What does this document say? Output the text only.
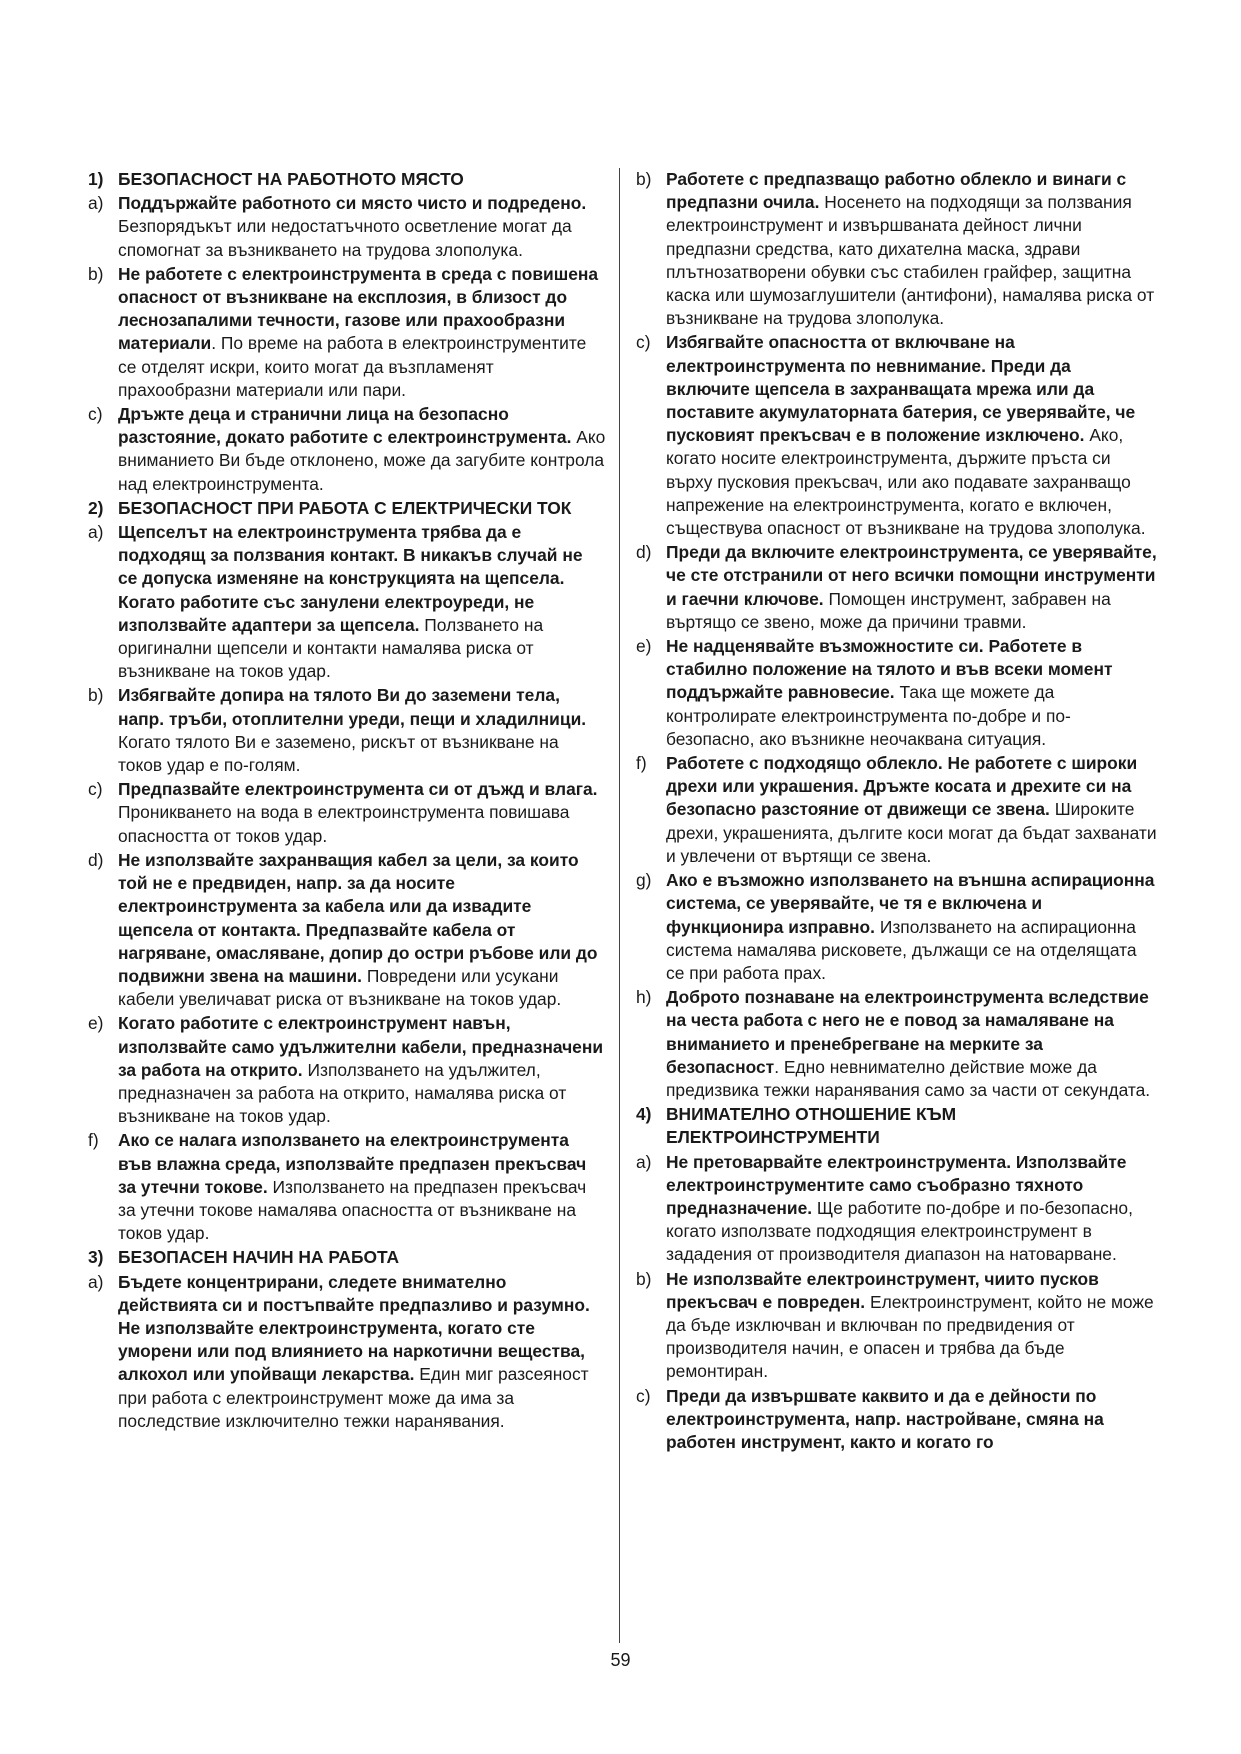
1) БЕЗОПАСНОСТ НА РАБОТНОТО МЯСТО
a) Поддържайте работното си място чисто и подредено. Безпорядъкът или недостатъчното осветление могат да спомогнат за възникването на трудова злополука.
b) Не работете с електроинструмента в среда с повишена опасност от възникване на експлозия, в близост до леснозапалими течности, газове или прахообразни материали. По време на работа в електроинструментите се отделят искри, които могат да възпламенят прахообразни материали или пари.
c) Дръжте деца и странични лица на безопасно разстояние, докато работите с електроинструмента. Ако вниманието Ви бъде отклонено, може да загубите контрола над електроинструмента.
2) БЕЗОПАСНОСТ ПРИ РАБОТА С ЕЛЕКТРИЧЕСКИ ТОК
a) Щепселът на електроинструмента трябва да е подходящ за ползвания контакт. В никакъв случай не се допуска изменяне на конструкцията на щепсела. Когато работите със занулени електроуреди, не използвайте адаптери за щепсела. Ползването на оригинални щепсели и контакти намалява риска от възникване на токов удар.
b) Избягвайте допира на тялото Ви до заземени тела, напр. тръби, отоплителни уреди, пещи и хладилници. Когато тялото Ви е заземено, рискът от възникване на токов удар е по-голям.
c) Предпазвайте електроинструмента си от дъжд и влага. Проникването на вода в електроинструмента повишава опасността от токов удар.
d) Не използвайте захранващия кабел за цели, за които той не е предвиден, напр. за да носите електроинструмента за кабела или да извадите щепсела от контакта. Предпазвайте кабела от нагряване, омасляване, допир до остри ръбове или до подвижни звена на машини. Повредени или усукани кабели увеличават риска от възникване на токов удар.
e) Когато работите с електроинструмент навън, използвайте само удължителни кабели, предназначени за работа на открито. Използването на удължител, предназначен за работа на открито, намалява риска от възникване на токов удар.
f) Ако се налага използването на електроинструмента във влажна среда, използвайте предпазен прекъсвач за утечни токове. Използването на предпазен прекъсвач за утечни токове намалява опасността от възникване на токов удар.
3) БЕЗОПАСЕН НАЧИН НА РАБОТА
a) Бъдете концентрирани, следете внимателно действията си и постъпвайте предпазливо и разумно. Не използвайте електроинструмента, когато сте уморени или под влиянието на наркотични вещества, алкохол или упойващи лекарства. Един миг разсеяност при работа с електроинструмент може да има за последствие изключително тежки наранявания.
b) Работете с предпазващо работно облекло и винаги с предпазни очила. Носенето на подходящи за ползвания електроинструмент и извършваната дейност лични предпазни средства, като дихателна маска, здрави плътнозатворени обувки със стабилен грайфер, защитна каска или шумозаглушители (антифони), намалява риска от възникване на трудова злополука.
c) Избягвайте опасността от включване на електроинструмента по невнимание. Преди да включите щепсела в захранващата мрежа или да поставите акумулаторната батерия, се уверявайте, че пусковият прекъсвач е в положение изключено. Ако, когато носите електроинструмента, държите пръста си върху пусковия прекъсвач, или ако подавате захранващо напрежение на електроинструмента, когато е включен, съществува опасност от възникване на трудова злополука.
d) Преди да включите електроинструмента, се уверявайте, че сте отстранили от него всички помощни инструменти и гаечни ключове. Помощен инструмент, забравен на въртящо се звено, може да причини травми.
e) Не надценявайте възможностите си. Работете в стабилно положение на тялото и във всеки момент поддържайте равновесие. Така ще можете да контролирате електроинструмента по-добре и по-безопасно, ако възникне неочаквана ситуация.
f) Работете с подходящо облекло. Не работете с широки дрехи или украшения. Дръжте косата и дрехите си на безопасно разстояние от движещи се звена. Широките дрехи, украшенията, дългите коси могат да бъдат захванати и увлечени от въртящи се звена.
g) Ако е възможно използването на външна аспирационна система, се уверявайте, че тя е включена и функционира изправно. Използването на аспирационна система намалява рисковете, дължащи се на отделящата се при работа прах.
h) Доброто познаване на електроинструмента вследствие на честа работа с него не е повод за намаляване на вниманието и пренебрегване на мерките за безопасност. Едно невнимателно действие може да предизвика тежки наранявания само за части от секундата.
4) ВНИМАТЕЛНО ОТНОШЕНИЕ КЪМ ЕЛЕКТРОИНСТРУМЕНТИ
a) Не претоварвайте електроинструмента. Използвайте електроинструментите само съобразно тяхното предназначение. Ще работите по-добре и по-безопасно, когато използвате подходящия електроинструмент в зададения от производителя диапазон на натоварване.
b) Не използвайте електроинструмент, чиито пусков прекъсвач е повреден. Електроинструмент, който не може да бъде изключван и включван по предвидения от производителя начин, е опасен и трябва да бъде ремонтиран.
c) Преди да извършвате каквито и да е дейности по електроинструмента, напр. настройване, смяна на работен инструмент, както и когато го
59
